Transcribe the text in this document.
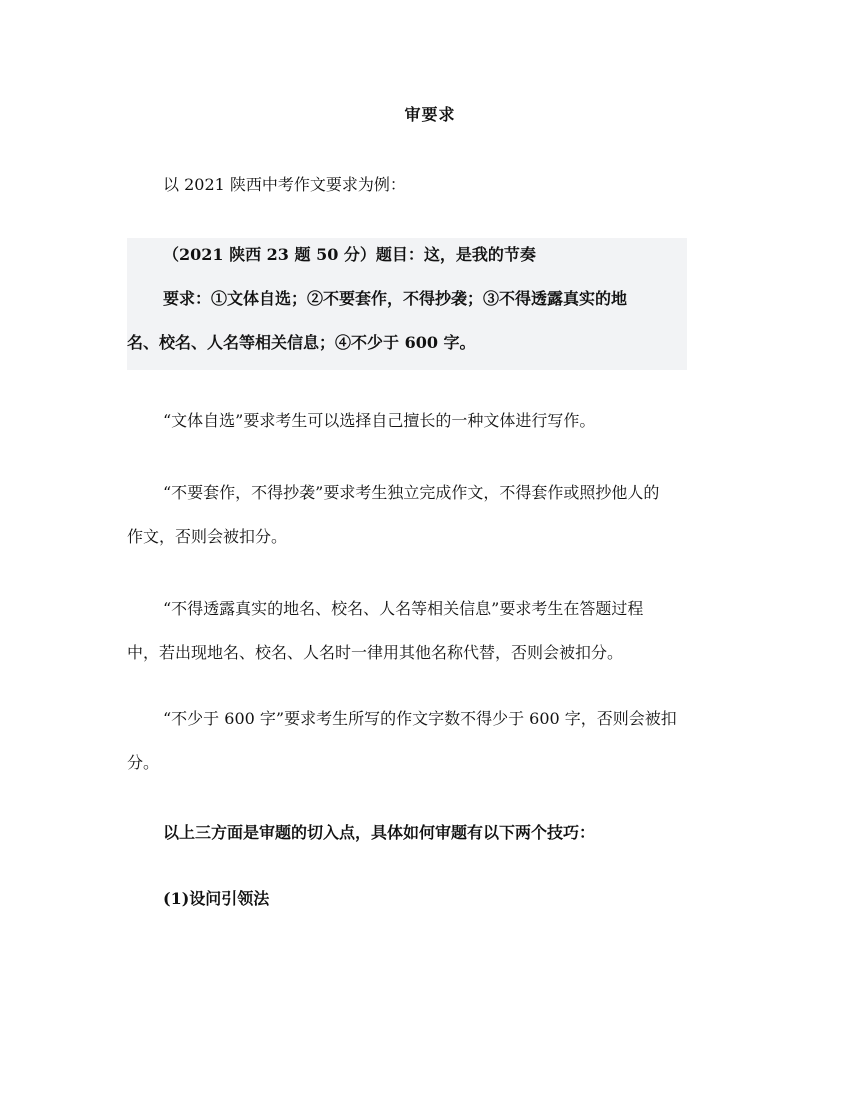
审要求

以 2021 陕西中考作文要求为例：

（2021 陕西 23 题 50 分）题目：这，是我的节奏
要求：①文体自选；②不要套作，不得抄袭；③不得透露真实的地
名、校名、人名等相关信息；④不少于 600 字。

“文体自选”要求考生可以选择自己擅长的一种文体进行写作。

“不要套作，不得抄袭”要求考生独立完成作文，不得套作或照抄他人的
作文，否则会被扣分。

“不得透露真实的地名、校名、人名等相关信息”要求考生在答题过程
中，若出现地名、校名、人名时一律用其他名称代替，否则会被扣分。

“不少于 600 字”要求考生所写的作文字数不得少于 600 字，否则会被扣
分。

以上三方面是审题的切入点，具体如何审题有以下两个技巧：

(1)设问引领法
